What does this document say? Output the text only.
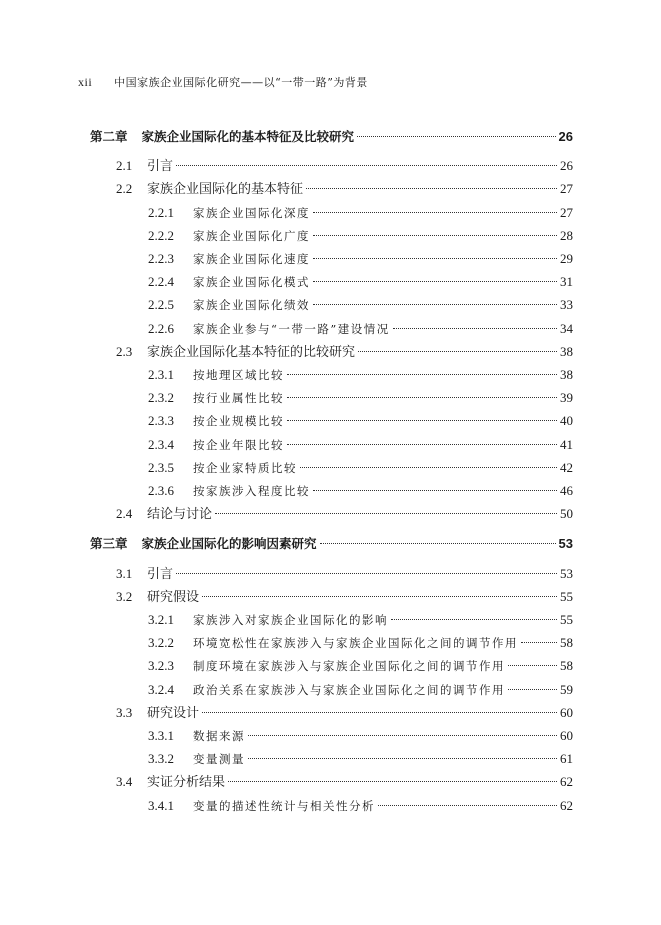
xii 中国家族企业国际化研究——以“一带一路”为背景
第二章 家族企业国际化的基本特征及比较研究	26
2.1	引言	26
2.2	家族企业国际化的基本特征	27
2.2.1	家族企业国际化深度	27
2.2.2	家族企业国际化广度	28
2.2.3	家族企业国际化速度	29
2.2.4	家族企业国际化模式	31
2.2.5	家族企业国际化绩效	33
2.2.6	家族企业参与“一带一路”建设情况	34
2.3	家族企业国际化基本特征的比较研究	38
2.3.1	按地理区域比较	38
2.3.2	按行业属性比较	39
2.3.3	按企业规模比较	40
2.3.4	按企业年限比较	41
2.3.5	按企业家特质比较	42
2.3.6	按家族涉入程度比较	46
2.4	结论与讨论	50
第三章 家族企业国际化的影响因素研究	53
3.1	引言	53
3.2	研究假设	55
3.2.1	家族涉入对家族企业国际化的影响	55
3.2.2	环境宽松性在家族涉入与家族企业国际化之间的调节作用	58
3.2.3	制度环境在家族涉入与家族企业国际化之间的调节作用	58
3.2.4	政治关系在家族涉入与家族企业国际化之间的调节作用	59
3.3	研究设计	60
3.3.1	数据来源	60
3.3.2	变量测量	61
3.4	实证分析结果	62
3.4.1	变量的描述性统计与相关性分析	62
